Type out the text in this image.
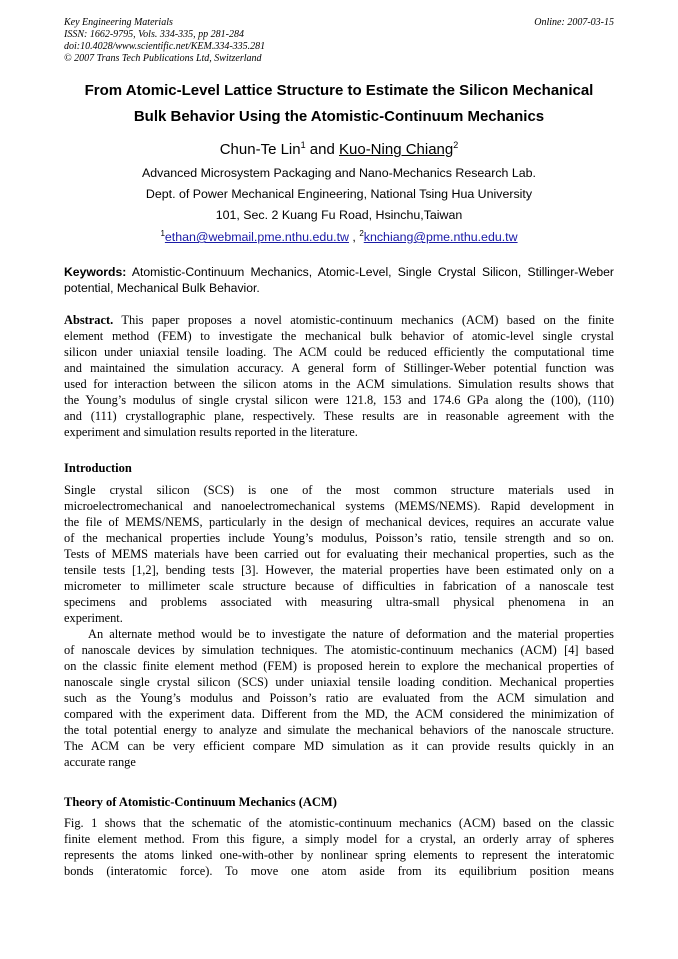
Key Engineering Materials
ISSN: 1662-9795, Vols. 334-335, pp 281-284
doi:10.4028/www.scientific.net/KEM.334-335.281
© 2007 Trans Tech Publications Ltd, Switzerland
Online: 2007-03-15
From Atomic-Level Lattice Structure to Estimate the Silicon Mechanical
Bulk Behavior Using the Atomistic-Continuum Mechanics
Chun-Te Lin$^1$ and Kuo-Ning Chiang$^2$
Advanced Microsystem Packaging and Nano-Mechanics Research Lab.
Dept. of Power Mechanical Engineering, National Tsing Hua University
101, Sec. 2 Kuang Fu Road, Hsinchu,Taiwan
$^1$ethan@webmail.pme.nthu.edu.tw , $^2$knchiang@pme.nthu.edu.tw
Keywords: Atomistic-Continuum Mechanics, Atomic-Level, Single Crystal Silicon, Stillinger-Weber
potential, Mechanical Bulk Behavior.
Abstract. This paper proposes a novel atomistic-continuum mechanics (ACM) based on the finite
element method (FEM) to investigate the mechanical bulk behavior of atomic-level single crystal
silicon under uniaxial tensile loading. The ACM could be reduced efficiently the computational time
and maintained the simulation accuracy. A general form of Stillinger-Weber potential function was
used for interaction between the silicon atoms in the ACM simulations. Simulation results shows that
the Young’s modulus of single crystal silicon were 121.8, 153 and 174.6 GPa along the (100), (110)
and (111) crystallographic plane, respectively. These results are in reasonable agreement with the
experiment and simulation results reported in the literature.
Introduction
Single crystal silicon (SCS) is one of the most common structure materials used in
microelectromechanical and nanoelectromechanical systems (MEMS/NEMS). Rapid development in
the file of MEMS/NEMS, particularly in the design of mechanical devices, requires an accurate value
of the mechanical properties include Young’s modulus, Poisson’s ratio, tensile strength and so on.
Tests of MEMS materials have been carried out for evaluating their mechanical properties, such as the
tensile tests [1,2], bending tests [3]. However, the material properties have been estimated only on a
micrometer to millimeter scale structure because of difficulties in fabrication of a nanoscale test
specimens and problems associated with measuring ultra-small physical phenomena in an
experiment.
An alternate method would be to investigate the nature of deformation and the material properties
of nanoscale devices by simulation techniques. The atomistic-continuum mechanics (ACM) [4] based
on the classic finite element method (FEM) is proposed herein to explore the mechanical properties of
nanoscale single crystal silicon (SCS) under uniaxial tensile loading condition. Mechanical properties
such as the Young’s modulus and Poisson’s ratio are evaluated from the ACM simulation and
compared with the experiment data. Different from the MD, the ACM considered the minimization of
the total potential energy to analyze and simulate the mechanical behaviors of the nanoscale structure.
The ACM can be very efficient compare MD simulation as it can provide results quickly in an
accurate range
Theory of Atomistic-Continuum Mechanics (ACM)
Fig. 1 shows that the schematic of the atomistic-continuum mechanics (ACM) based on the classic
finite element method. From this figure, a simply model for a crystal, an orderly array of spheres
represents the atoms linked one-with-other by nonlinear spring elements to represent the interatomic
bonds (interatomic force). To move one atom aside from its equilibrium position means
